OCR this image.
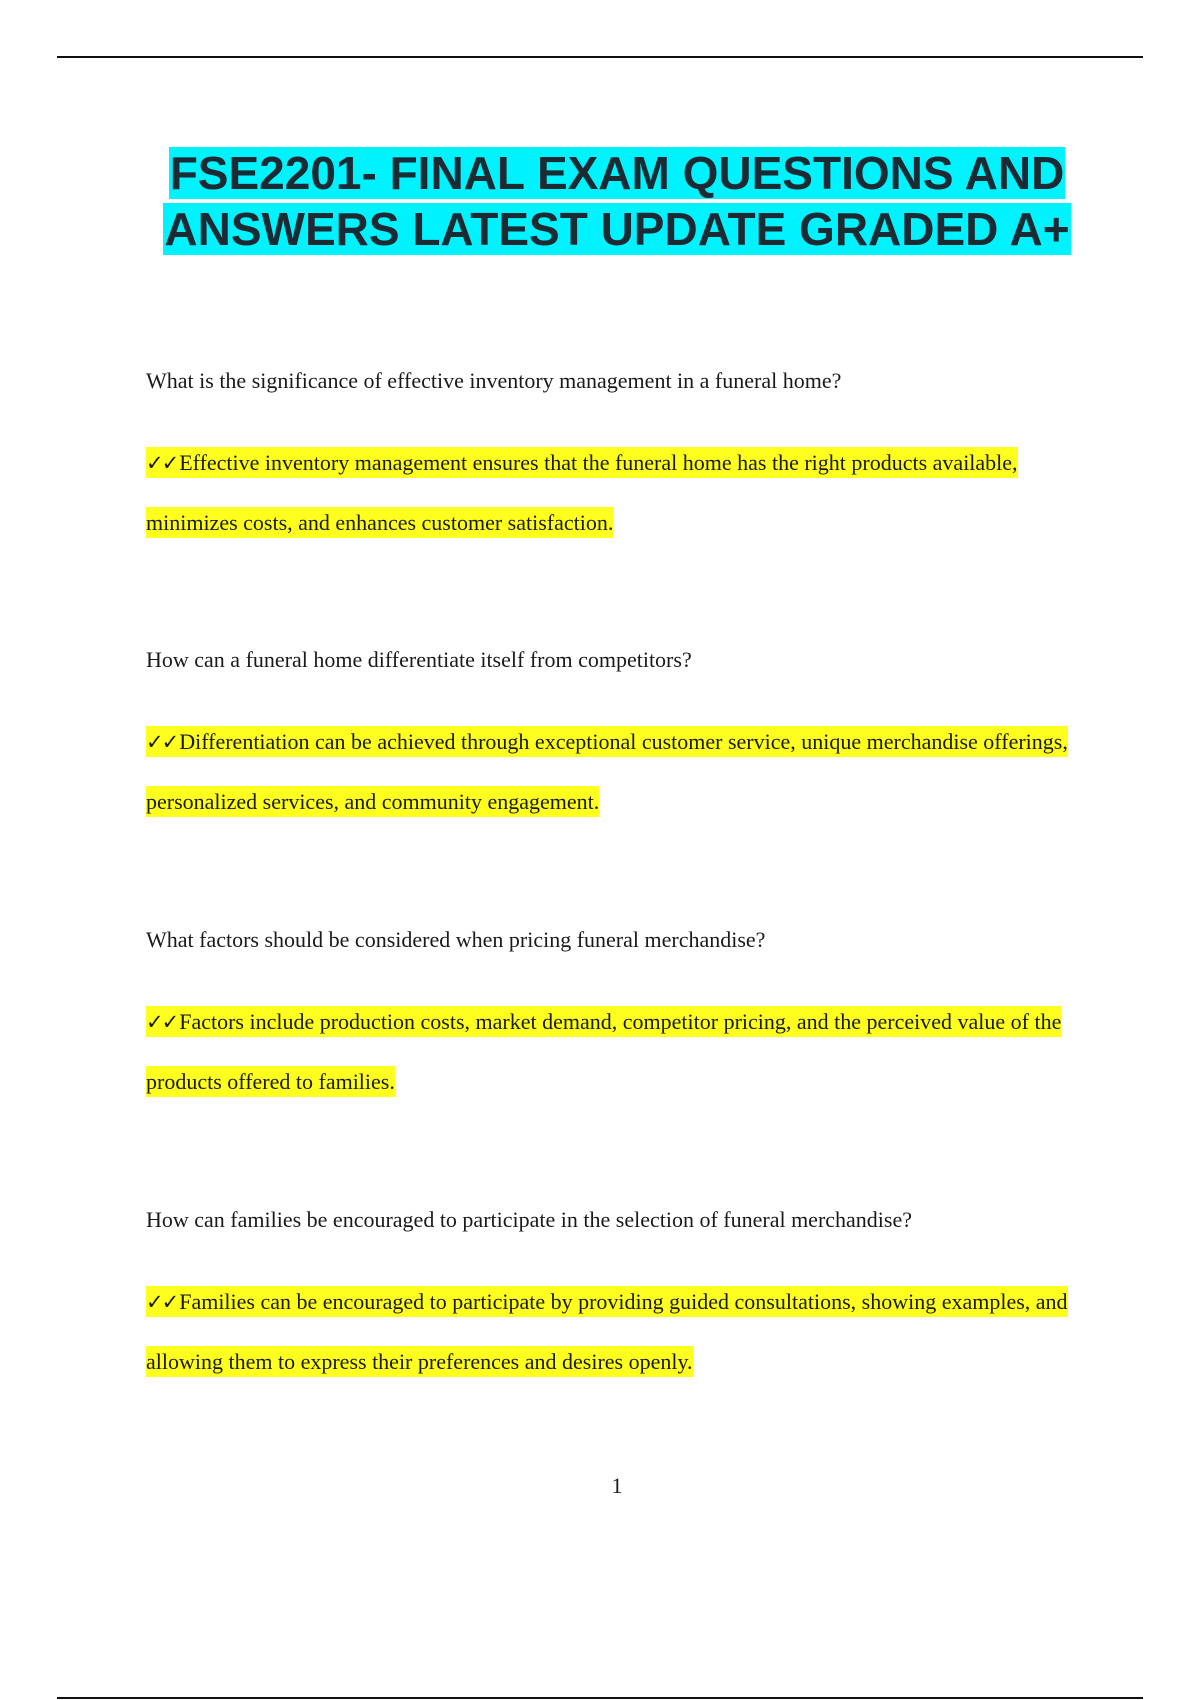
FSE2201- FINAL EXAM QUESTIONS AND ANSWERS LATEST UPDATE GRADED A+

What is the significance of effective inventory management in a funeral home?

✓✓Effective inventory management ensures that the funeral home has the right products available, minimizes costs, and enhances customer satisfaction.

How can a funeral home differentiate itself from competitors?

✓✓Differentiation can be achieved through exceptional customer service, unique merchandise offerings, personalized services, and community engagement.

What factors should be considered when pricing funeral merchandise?

✓✓Factors include production costs, market demand, competitor pricing, and the perceived value of the products offered to families.

How can families be encouraged to participate in the selection of funeral merchandise?

✓✓Families can be encouraged to participate by providing guided consultations, showing examples, and allowing them to express their preferences and desires openly.

1
